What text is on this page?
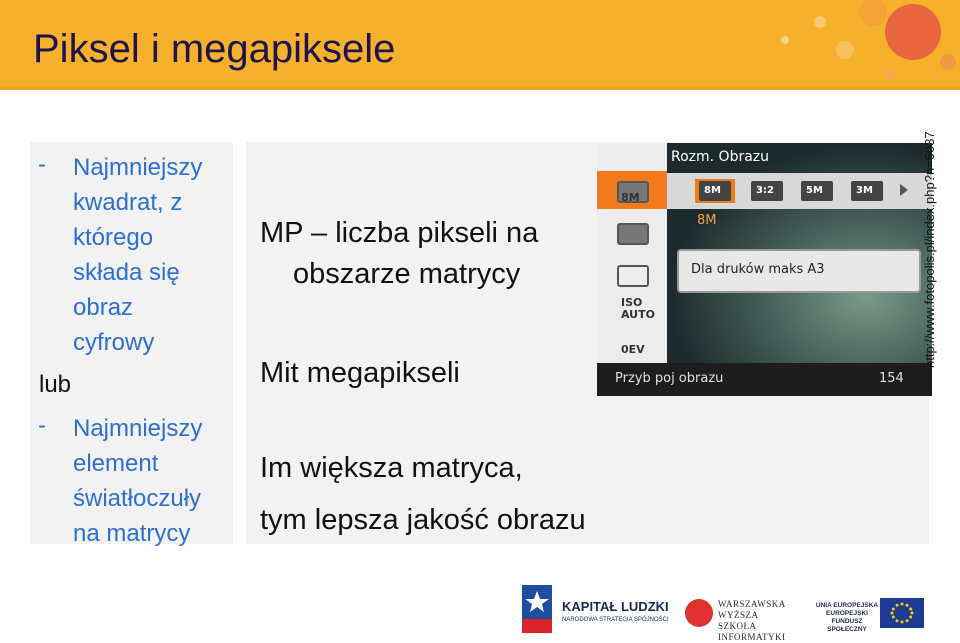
Piksel i megapiksele
- Najmniejszy
kwadrat, z
którego
składa się
obraz
cyfrowy
lub
- Najmniejszy
element
światłoczuły
na matrycy
MP – liczba pikseli na
obszarze matrycy
Mit megapikseli
Im większa matryca,
tym lepsza jakość obrazu
8M
ISO AUTO
0EV
Rozm. Obrazu
8M	3:2	5M	3M
8M
Dla druków maks A3
Przyb poj obrazu	154
http://www.fotopolis.pl/index.php?n=6037
KAPITAŁ LUDZKI
NARODOWA STRATEGIA SPÓJNOŚCI
WARSZAWSKA
WYŻSZA SZKOŁA
INFORMATYKI
UNIA EUROPEJSKA
EUROPEJSKI
FUNDUSZ SPOŁECZNY
